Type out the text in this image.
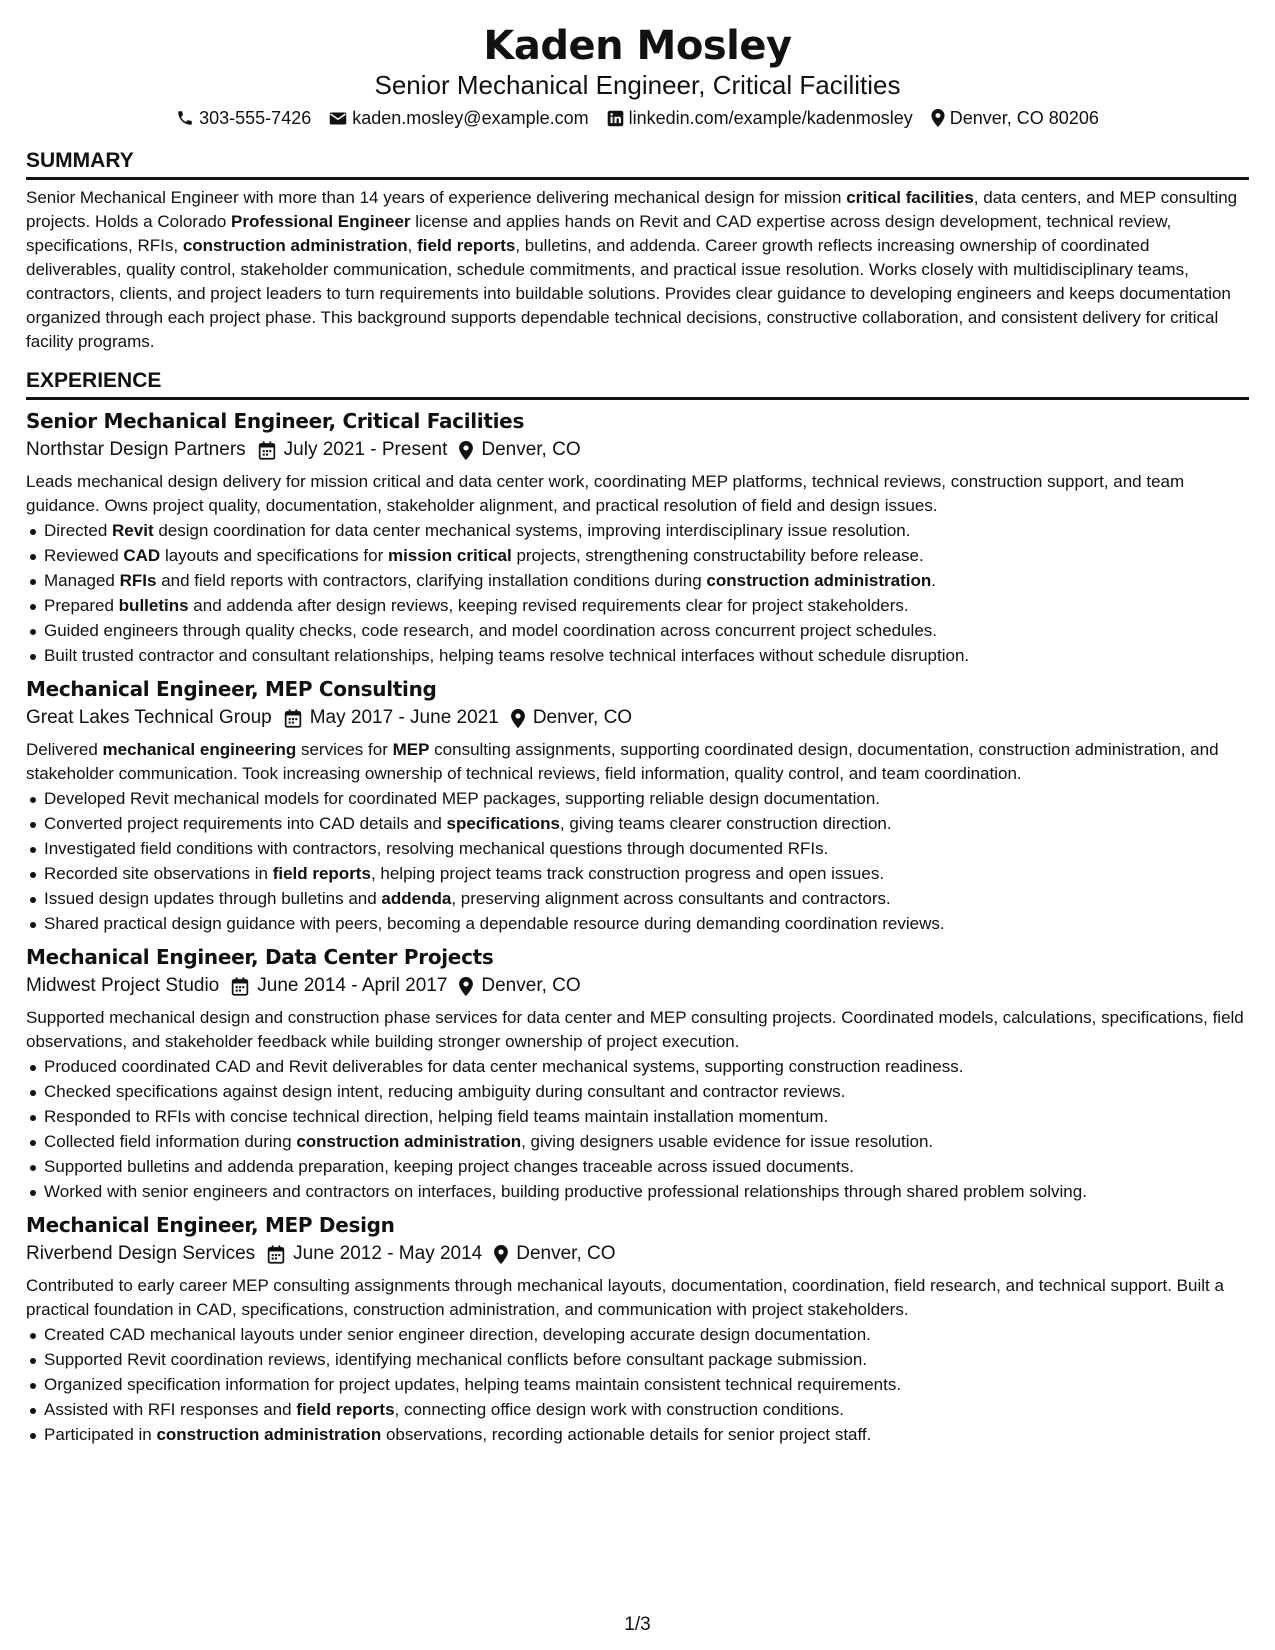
Kaden Mosley
Senior Mechanical Engineer, Critical Facilities
303-555-7426 kaden.mosley@example.com linkedin.com/example/kadenmosley Denver, CO 80206
SUMMARY
Senior Mechanical Engineer with more than 14 years of experience delivering mechanical design for mission critical facilities, data centers, and MEP consulting projects. Holds a Colorado Professional Engineer license and applies hands on Revit and CAD expertise across design development, technical review, specifications, RFIs, construction administration, field reports, bulletins, and addenda. Career growth reflects increasing ownership of coordinated deliverables, quality control, stakeholder communication, schedule commitments, and practical issue resolution. Works closely with multidisciplinary teams, contractors, clients, and project leaders to turn requirements into buildable solutions. Provides clear guidance to developing engineers and keeps documentation organized through each project phase. This background supports dependable technical decisions, constructive collaboration, and consistent delivery for critical facility programs.
EXPERIENCE
Senior Mechanical Engineer, Critical Facilities
Northstar Design Partners July 2021 - Present Denver, CO
Leads mechanical design delivery for mission critical and data center work, coordinating MEP platforms, technical reviews, construction support, and team guidance. Owns project quality, documentation, stakeholder alignment, and practical resolution of field and design issues.
Directed Revit design coordination for data center mechanical systems, improving interdisciplinary issue resolution.
Reviewed CAD layouts and specifications for mission critical projects, strengthening constructability before release.
Managed RFIs and field reports with contractors, clarifying installation conditions during construction administration.
Prepared bulletins and addenda after design reviews, keeping revised requirements clear for project stakeholders.
Guided engineers through quality checks, code research, and model coordination across concurrent project schedules.
Built trusted contractor and consultant relationships, helping teams resolve technical interfaces without schedule disruption.
Mechanical Engineer, MEP Consulting
Great Lakes Technical Group May 2017 - June 2021 Denver, CO
Delivered mechanical engineering services for MEP consulting assignments, supporting coordinated design, documentation, construction administration, and stakeholder communication. Took increasing ownership of technical reviews, field information, quality control, and team coordination.
Developed Revit mechanical models for coordinated MEP packages, supporting reliable design documentation.
Converted project requirements into CAD details and specifications, giving teams clearer construction direction.
Investigated field conditions with contractors, resolving mechanical questions through documented RFIs.
Recorded site observations in field reports, helping project teams track construction progress and open issues.
Issued design updates through bulletins and addenda, preserving alignment across consultants and contractors.
Shared practical design guidance with peers, becoming a dependable resource during demanding coordination reviews.
Mechanical Engineer, Data Center Projects
Midwest Project Studio June 2014 - April 2017 Denver, CO
Supported mechanical design and construction phase services for data center and MEP consulting projects. Coordinated models, calculations, specifications, field observations, and stakeholder feedback while building stronger ownership of project execution.
Produced coordinated CAD and Revit deliverables for data center mechanical systems, supporting construction readiness.
Checked specifications against design intent, reducing ambiguity during consultant and contractor reviews.
Responded to RFIs with concise technical direction, helping field teams maintain installation momentum.
Collected field information during construction administration, giving designers usable evidence for issue resolution.
Supported bulletins and addenda preparation, keeping project changes traceable across issued documents.
Worked with senior engineers and contractors on interfaces, building productive professional relationships through shared problem solving.
Mechanical Engineer, MEP Design
Riverbend Design Services June 2012 - May 2014 Denver, CO
Contributed to early career MEP consulting assignments through mechanical layouts, documentation, coordination, field research, and technical support. Built a practical foundation in CAD, specifications, construction administration, and communication with project stakeholders.
Created CAD mechanical layouts under senior engineer direction, developing accurate design documentation.
Supported Revit coordination reviews, identifying mechanical conflicts before consultant package submission.
Organized specification information for project updates, helping teams maintain consistent technical requirements.
Assisted with RFI responses and field reports, connecting office design work with construction conditions.
Participated in construction administration observations, recording actionable details for senior project staff.
1/3
